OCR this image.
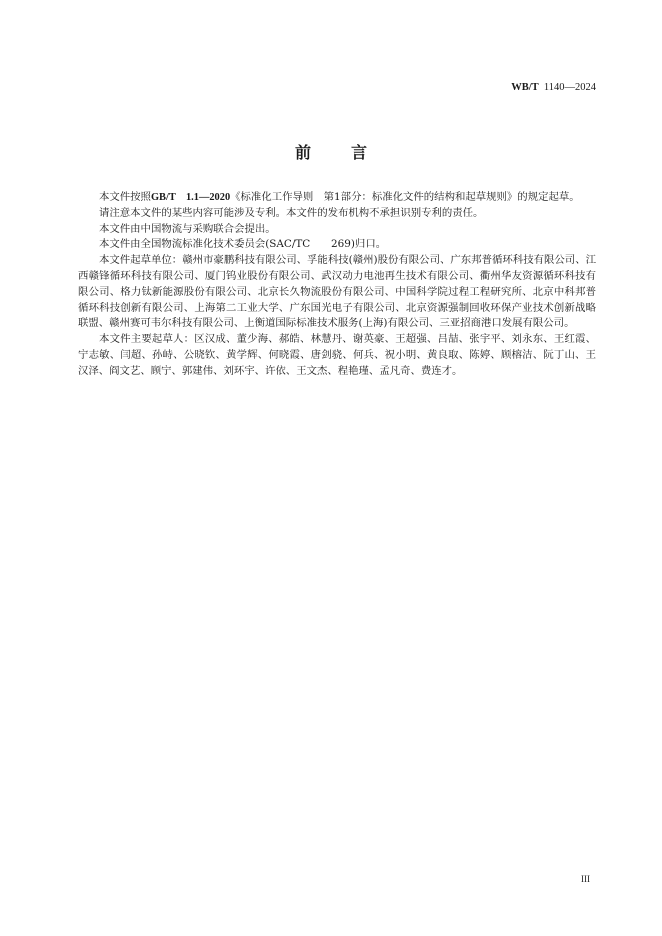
WB/T 1140—2024
前言

本文件按照GB/T　1.1—2020《标准化工作导则　第1部分：标准化文件的结构和起草规则》的规定起草。

请注意本文件的某些内容可能涉及专利。本文件的发布机构不承担识别专利的责任。

本文件由中国物流与采购联合会提出。

本文件由全国物流标准化技术委员会(SAC/TC　　269)归口。

本文件起草单位：赣州市豪鹏科技有限公司、孚能科技(赣州)股份有限公司、广东邦普循环科技有限公司、江西赣锋循环科技有限公司、厦门钨业股份有限公司、武汉动力电池再生技术有限公司、衢州华友资源循环科技有限公司、格力钛新能源股份有限公司、北京长久物流股份有限公司、中国科学院过程工程研究所、北京中科邦普循环科技创新有限公司、上海第二工业大学、广东国光电子有限公司、北京资源强制回收环保产业技术创新战略联盟、赣州赛可韦尔科技有限公司、上衡道国际标准技术服务(上海)有限公司、三亚招商港口发展有限公司。

本文件主要起草人：区汉成、董少海、郝皓、林慧丹、谢英豪、王超强、吕喆、张宇平、刘永东、王红霞、宁志敏、闫超、孙峙、公晓钦、黄学辉、何晓霞、唐剑骁、何兵、祝小明、黄良取、陈婷、顾榕洁、阮丁山、王汉泽、阎文艺、顾宁、郭建伟、刘环宇、许依、王文杰、程艳瑾、孟凡奇、费连才。

III
